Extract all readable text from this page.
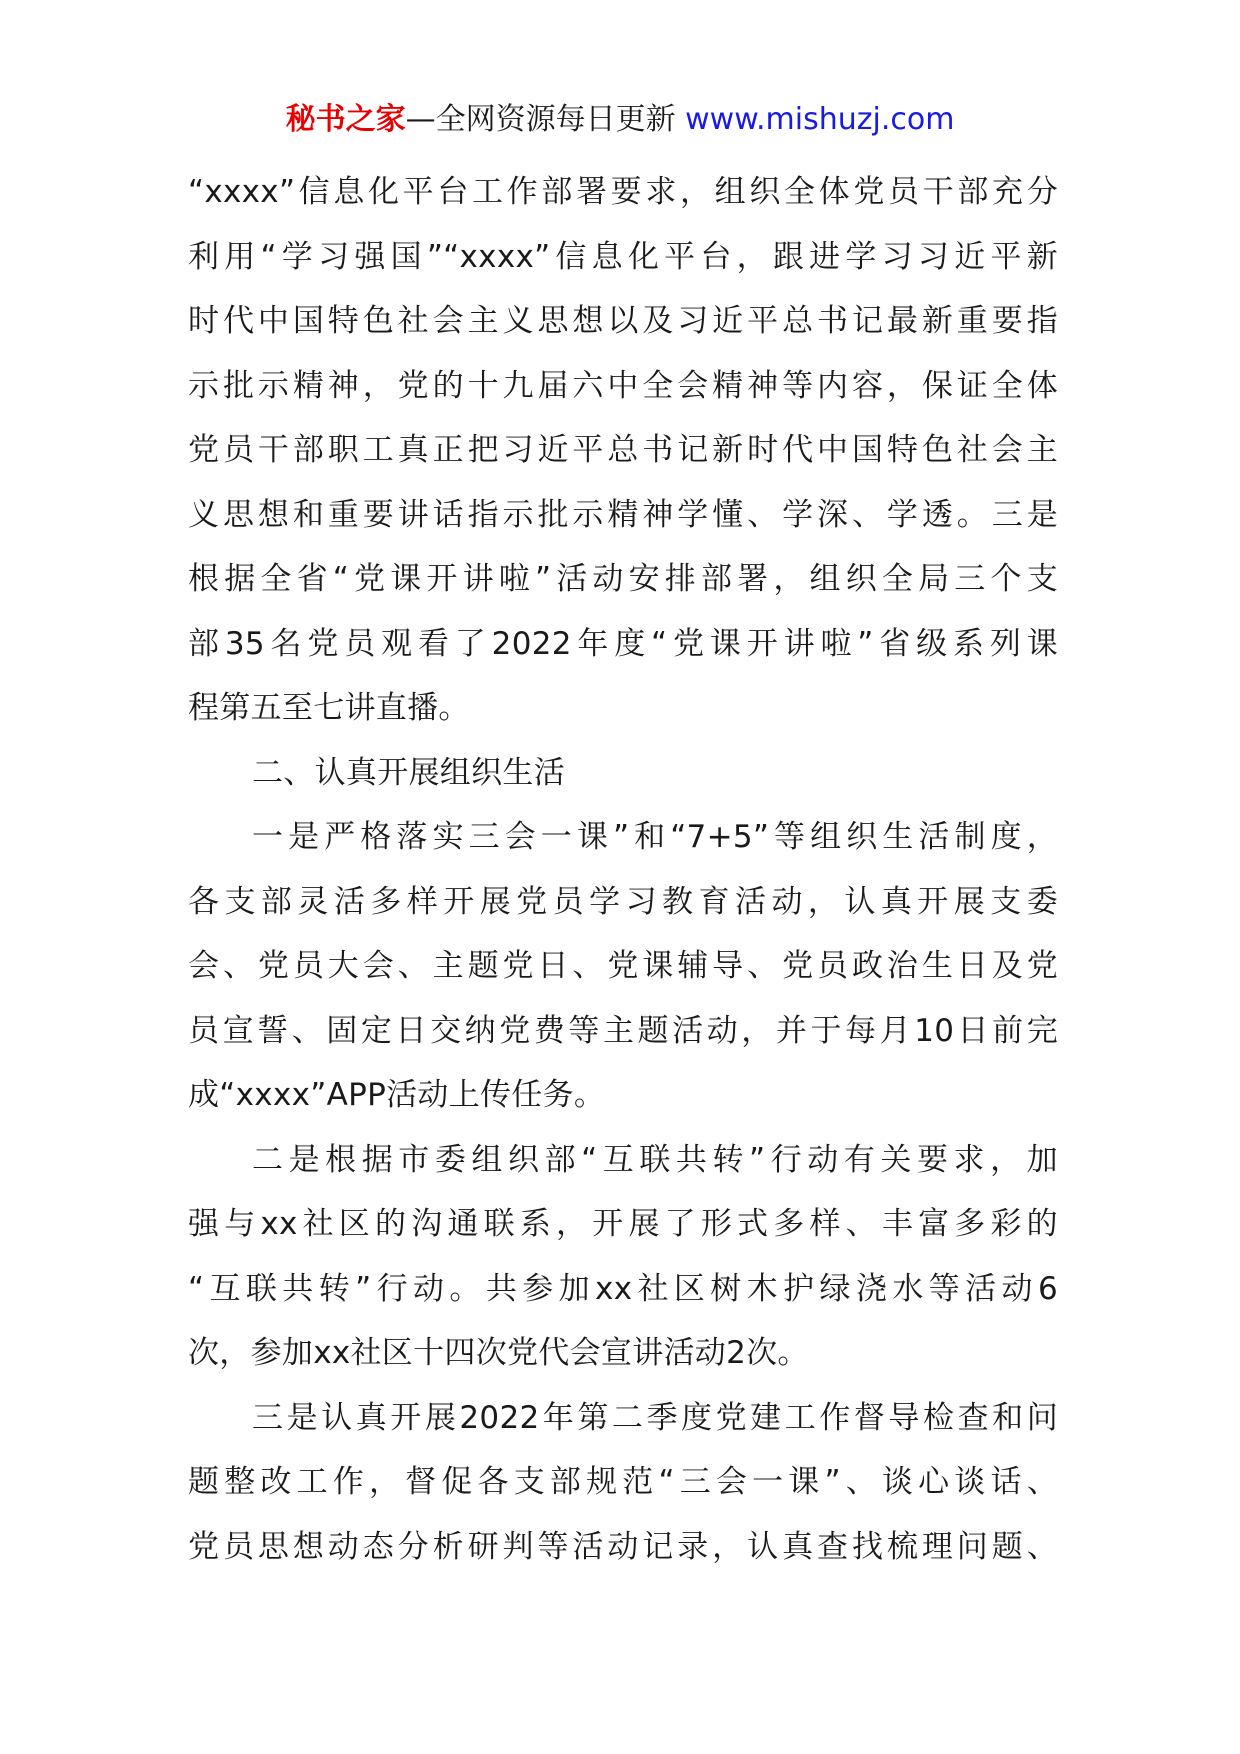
秘书之家—全网资源每日更新 www.mishuzj.com
“xxxx”信息化平台工作部署要求，组织全体党员干部充分
利用“学习强国”“xxxx”信息化平台，跟进学习习近平新
时代中国特色社会主义思想以及习近平总书记最新重要指
示批示精神，党的十九届六中全会精神等内容，保证全体
党员干部职工真正把习近平总书记新时代中国特色社会主
义思想和重要讲话指示批示精神学懂、学深、学透。三是
根据全省“党课开讲啦”活动安排部署，组织全局三个支
部35名党员观看了2022年度“党课开讲啦”省级系列课
程第五至七讲直播。
二、认真开展组织生活
一是严格落实三会一课”和“7+5”等组织生活制度，
各支部灵活多样开展党员学习教育活动，认真开展支委
会、党员大会、主题党日、党课辅导、党员政治生日及党
员宣誓、固定日交纳党费等主题活动，并于每月10日前完
成“xxxx”APP活动上传任务。
二是根据市委组织部“互联共转”行动有关要求，加
强与xx社区的沟通联系，开展了形式多样、丰富多彩的
“互联共转”行动。共参加xx社区树木护绿浇水等活动6
次，参加xx社区十四次党代会宣讲活动2次。
三是认真开展2022年第二季度党建工作督导检查和问
题整改工作，督促各支部规范“三会一课”、谈心谈话、
党员思想动态分析研判等活动记录，认真查找梳理问题、
